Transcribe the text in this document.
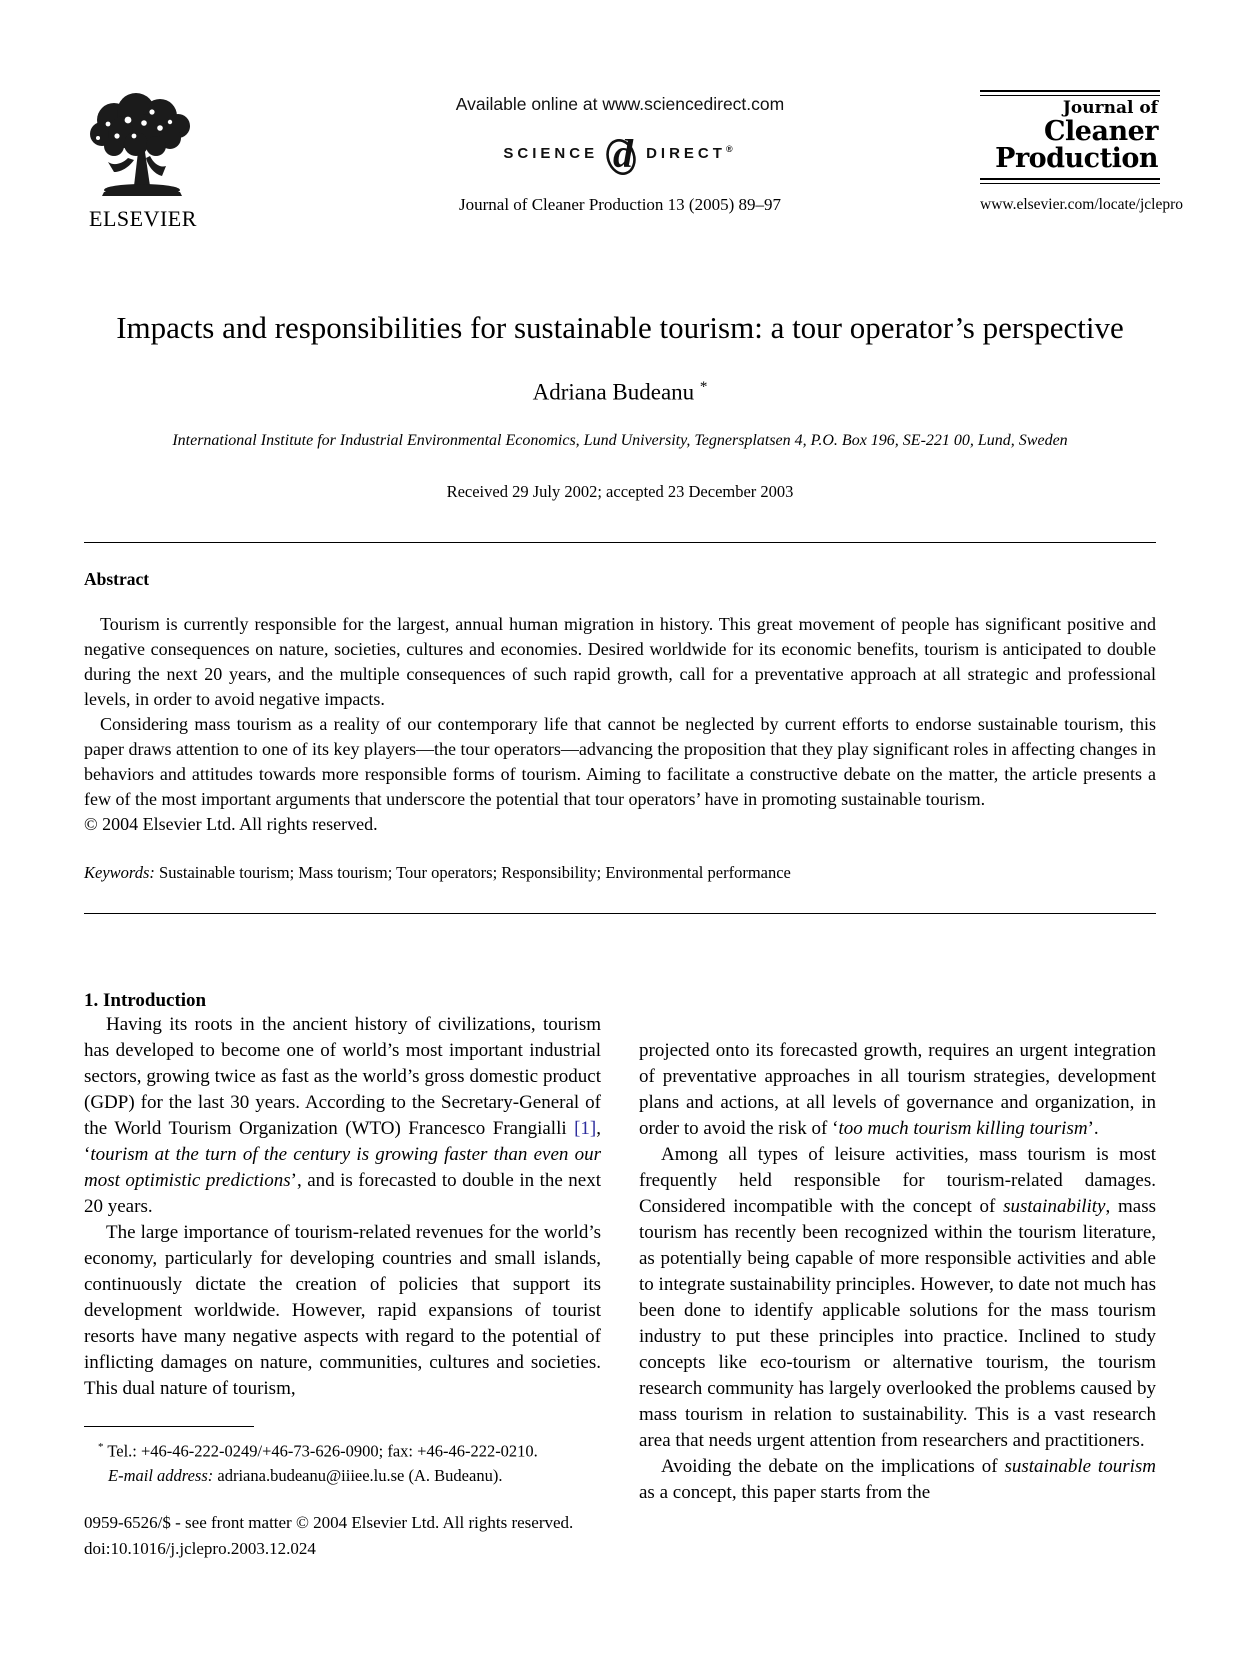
ELSEVIER
Available online at www.sciencedirect.com
SCIENCE d DIRECT®
Journal of Cleaner Production 13 (2005) 89–97
Journal of
Cleaner
Production
www.elsevier.com/locate/jclepro
Impacts and responsibilities for sustainable tourism: a tour operator’s perspective
Adriana Budeanu *
International Institute for Industrial Environmental Economics, Lund University, Tegnersplatsen 4, P.O. Box 196, SE-221 00, Lund, Sweden
Received 29 July 2002; accepted 23 December 2003
Abstract

Tourism is currently responsible for the largest, annual human migration in history. This great movement of people has significant positive and negative consequences on nature, societies, cultures and economies. Desired worldwide for its economic benefits, tourism is anticipated to double during the next 20 years, and the multiple consequences of such rapid growth, call for a preventative approach at all strategic and professional levels, in order to avoid negative impacts.

Considering mass tourism as a reality of our contemporary life that cannot be neglected by current efforts to endorse sustainable tourism, this paper draws attention to one of its key players—the tour operators—advancing the proposition that they play significant roles in affecting changes in behaviors and attitudes towards more responsible forms of tourism. Aiming to facilitate a constructive debate on the matter, the article presents a few of the most important arguments that underscore the potential that tour operators’ have in promoting sustainable tourism.

© 2004 Elsevier Ltd. All rights reserved.

Keywords: Sustainable tourism; Mass tourism; Tour operators; Responsibility; Environmental performance
1. Introduction

Having its roots in the ancient history of civilizations, tourism has developed to become one of world’s most important industrial sectors, growing twice as fast as the world’s gross domestic product (GDP) for the last 30 years. According to the Secretary-General of the World Tourism Organization (WTO) Francesco Frangialli [1], ‘tourism at the turn of the century is growing faster than even our most optimistic predictions’, and is forecasted to double in the next 20 years.

The large importance of tourism-related revenues for the world’s economy, particularly for developing countries and small islands, continuously dictate the creation of policies that support its development worldwide. However, rapid expansions of tourist resorts have many negative aspects with regard to the potential of inflicting damages on nature, communities, cultures and societies. This dual nature of tourism,

* Tel.: +46-46-222-0249/+46-73-626-0900; fax: +46-46-222-0210.
E-mail address: adriana.budeanu@iiiee.lu.se (A. Budeanu).
0959-6526/$ - see front matter © 2004 Elsevier Ltd. All rights reserved.
doi:10.1016/j.jclepro.2003.12.024

projected onto its forecasted growth, requires an urgent integration of preventative approaches in all tourism strategies, development plans and actions, at all levels of governance and organization, in order to avoid the risk of ‘too much tourism killing tourism’.

Among all types of leisure activities, mass tourism is most frequently held responsible for tourism-related damages. Considered incompatible with the concept of sustainability, mass tourism has recently been recognized within the tourism literature, as potentially being capable of more responsible activities and able to integrate sustainability principles. However, to date not much has been done to identify applicable solutions for the mass tourism industry to put these principles into practice. Inclined to study concepts like eco-tourism or alternative tourism, the tourism research community has largely overlooked the problems caused by mass tourism in relation to sustainability. This is a vast research area that needs urgent attention from researchers and practitioners.

Avoiding the debate on the implications of sustainable tourism as a concept, this paper starts from the
